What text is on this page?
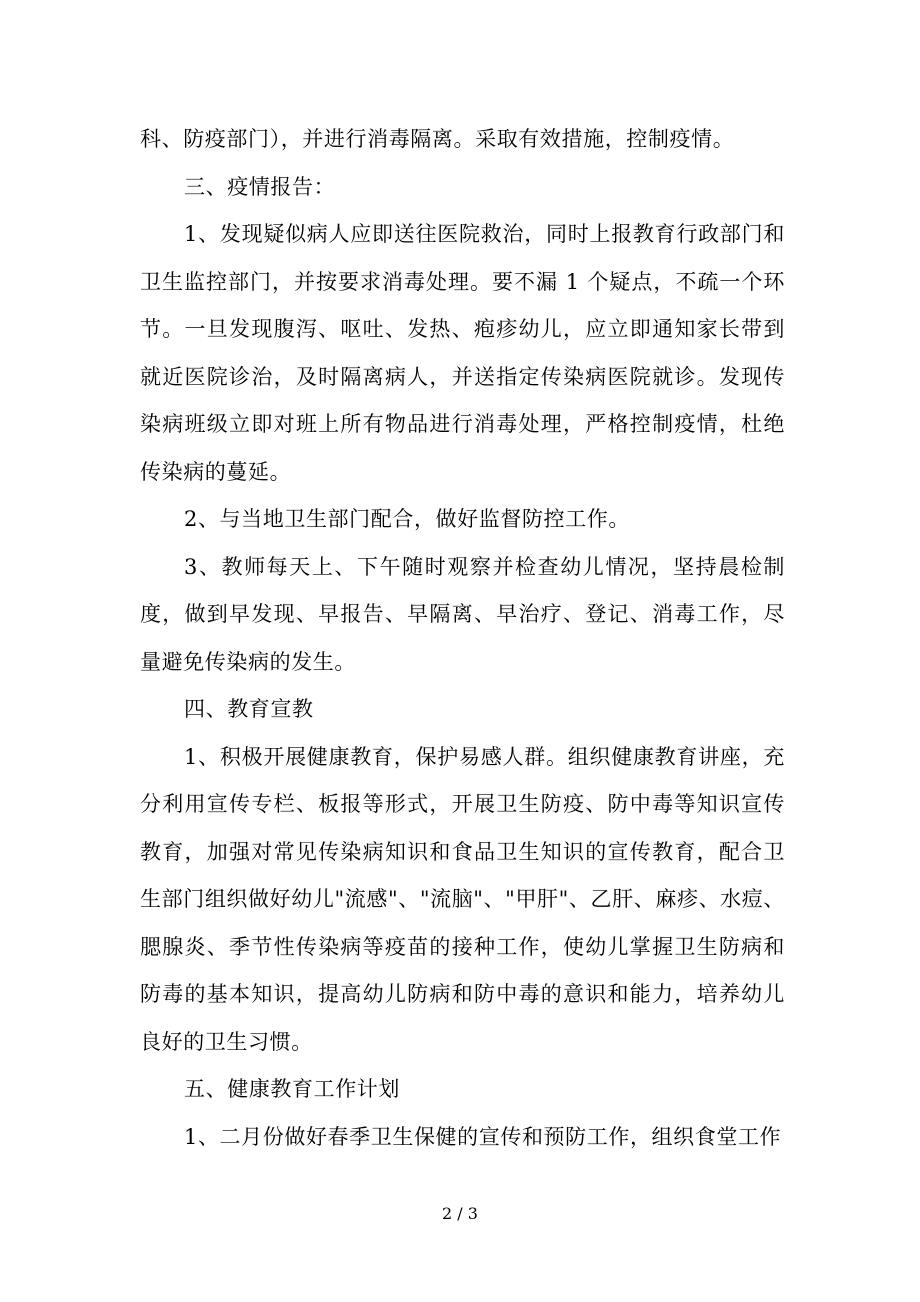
科、防疫部门），并进行消毒隔离。采取有效措施，控制疫情。

三、疫情报告：

1、发现疑似病人应即送往医院救治，同时上报教育行政部门和卫生监控部门，并按要求消毒处理。要不漏 1 个疑点，不疏一个环节。一旦发现腹泻、呕吐、发热、疱疹幼儿，应立即通知家长带到就近医院诊治，及时隔离病人，并送指定传染病医院就诊。发现传染病班级立即对班上所有物品进行消毒处理，严格控制疫情，杜绝传染病的蔓延。

2、与当地卫生部门配合，做好监督防控工作。

3、教师每天上、下午随时观察并检查幼儿情况，坚持晨检制度，做到早发现、早报告、早隔离、早治疗、登记、消毒工作，尽量避免传染病的发生。

四、教育宣教

1、积极开展健康教育，保护易感人群。组织健康教育讲座，充分利用宣传专栏、板报等形式，开展卫生防疫、防中毒等知识宣传教育，加强对常见传染病知识和食品卫生知识的宣传教育，配合卫生部门组织做好幼儿"流感"、"流脑"、"甲肝"、乙肝、麻疹、水痘、腮腺炎、季节性传染病等疫苗的接种工作，使幼儿掌握卫生防病和防毒的基本知识，提高幼儿防病和防中毒的意识和能力，培养幼儿良好的卫生习惯。

五、健康教育工作计划

1、二月份做好春季卫生保健的宣传和预防工作，组织食堂工作

2 / 3
